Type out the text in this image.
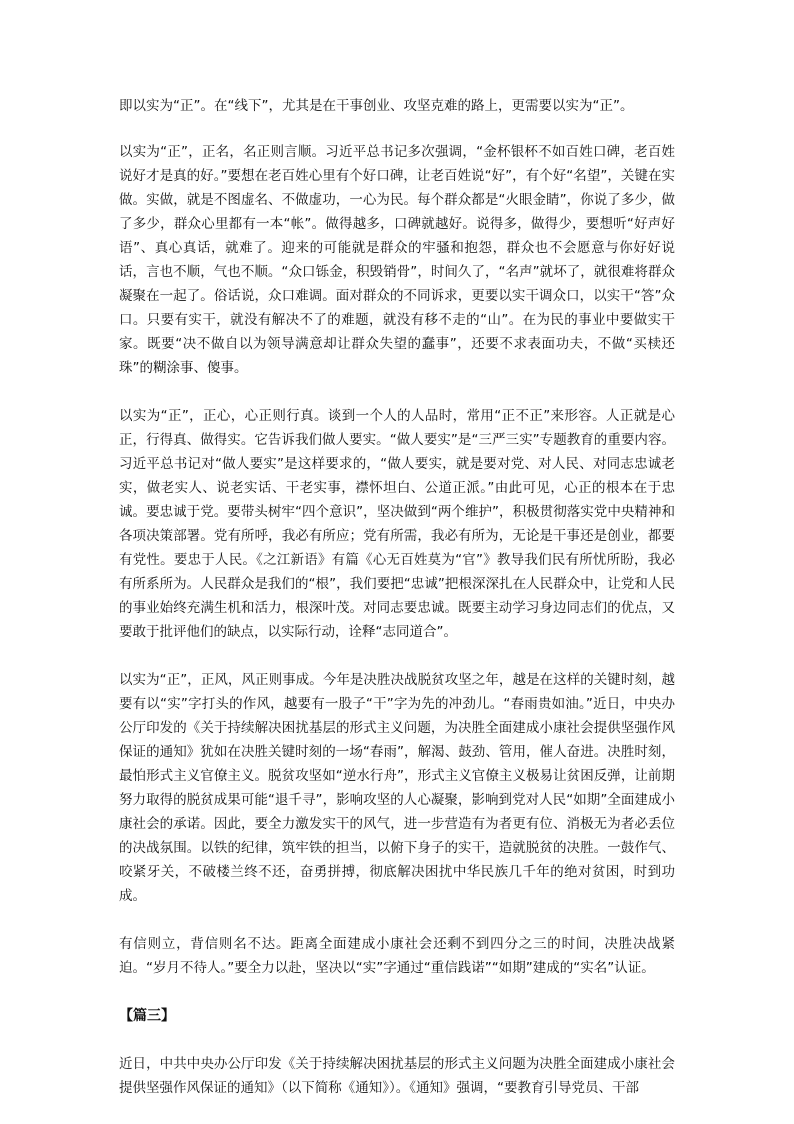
即以实为“正”。在“线下”，尤其是在干事创业、攻坚克难的路上，更需要以实为“正”。

以实为“正”，正名，名正则言顺。习近平总书记多次强调，“金杯银杯不如百姓口碑，老百姓说好才是真的好。”要想在老百姓心里有个好口碑，让老百姓说“好”，有个好“名望”，关键在实做。实做，就是不图虚名、不做虚功，一心为民。每个群众都是“火眼金睛”，你说了多少，做了多少，群众心里都有一本“帐”。做得越多，口碑就越好。说得多，做得少，要想听“好声好语”、真心真话，就难了。迎来的可能就是群众的牢骚和抱怨，群众也不会愿意与你好好说话，言也不顺，气也不顺。“众口铄金，积毁销骨”，时间久了，“名声”就坏了，就很难将群众凝聚在一起了。俗话说，众口难调。面对群众的不同诉求，更要以实干调众口，以实干“答”众口。只要有实干，就没有解决不了的难题，就没有移不走的“山”。在为民的事业中要做实干家。既要“决不做自以为领导满意却让群众失望的蠢事”，还要不求表面功夫，不做“买椟还珠”的糊涂事、傻事。

以实为“正”，正心，心正则行真。谈到一个人的人品时，常用“正不正”来形容。人正就是心正，行得真、做得实。它告诉我们做人要实。“做人要实”是“三严三实”专题教育的重要内容。习近平总书记对“做人要实”是这样要求的，“做人要实，就是要对党、对人民、对同志忠诚老实，做老实人、说老实话、干老实事，襟怀坦白、公道正派。”由此可见，心正的根本在于忠诚。要忠诚于党。要带头树牢“四个意识”，坚决做到“两个维护”，积极贯彻落实党中央精神和各项决策部署。党有所呼，我必有所应；党有所需，我必有所为，无论是干事还是创业，都要有党性。要忠于人民。《之江新语》有篇《心无百姓莫为“官”》教导我们民有所忧所盼，我必有所系所为。人民群众是我们的“根”，我们要把“忠诚”把根深深扎在人民群众中，让党和人民的事业始终充满生机和活力，根深叶茂。对同志要忠诚。既要主动学习身边同志们的优点，又要敢于批评他们的缺点，以实际行动，诠释“志同道合”。

以实为“正”，正风，风正则事成。今年是决胜决战脱贫攻坚之年，越是在这样的关键时刻，越要有以“实”字打头的作风，越要有一股子“干”字为先的冲劲儿。“春雨贵如油。”近日，中央办公厅印发的《关于持续解决困扰基层的形式主义问题，为决胜全面建成小康社会提供坚强作风保证的通知》犹如在决胜关键时刻的一场“春雨”，解渴、鼓劲、管用，催人奋进。决胜时刻，最怕形式主义官僚主义。脱贫攻坚如“逆水行舟”，形式主义官僚主义极易让贫困反弹，让前期努力取得的脱贫成果可能“退千寻”，影响攻坚的人心凝聚，影响到党对人民“如期”全面建成小康社会的承诺。因此，要全力激发实干的风气，进一步营造有为者更有位、消极无为者必丢位的决战氛围。以铁的纪律，筑牢铁的担当，以俯下身子的实干，造就脱贫的决胜。一鼓作气、咬紧牙关，不破楼兰终不还，奋勇拼搏，彻底解决困扰中华民族几千年的绝对贫困，时到功成。

有信则立，背信则名不达。距离全面建成小康社会还剩不到四分之三的时间，决胜决战紧迫。“岁月不待人。”要全力以赴，坚决以“实”字通过“重信践诺”“如期”建成的“实名”认证。

【篇三】

近日，中共中央办公厅印发《关于持续解决困扰基层的形式主义问题为决胜全面建成小康社会提供坚强作风保证的通知》（以下简称《通知》）。《通知》强调，“要教育引导党员、干部
